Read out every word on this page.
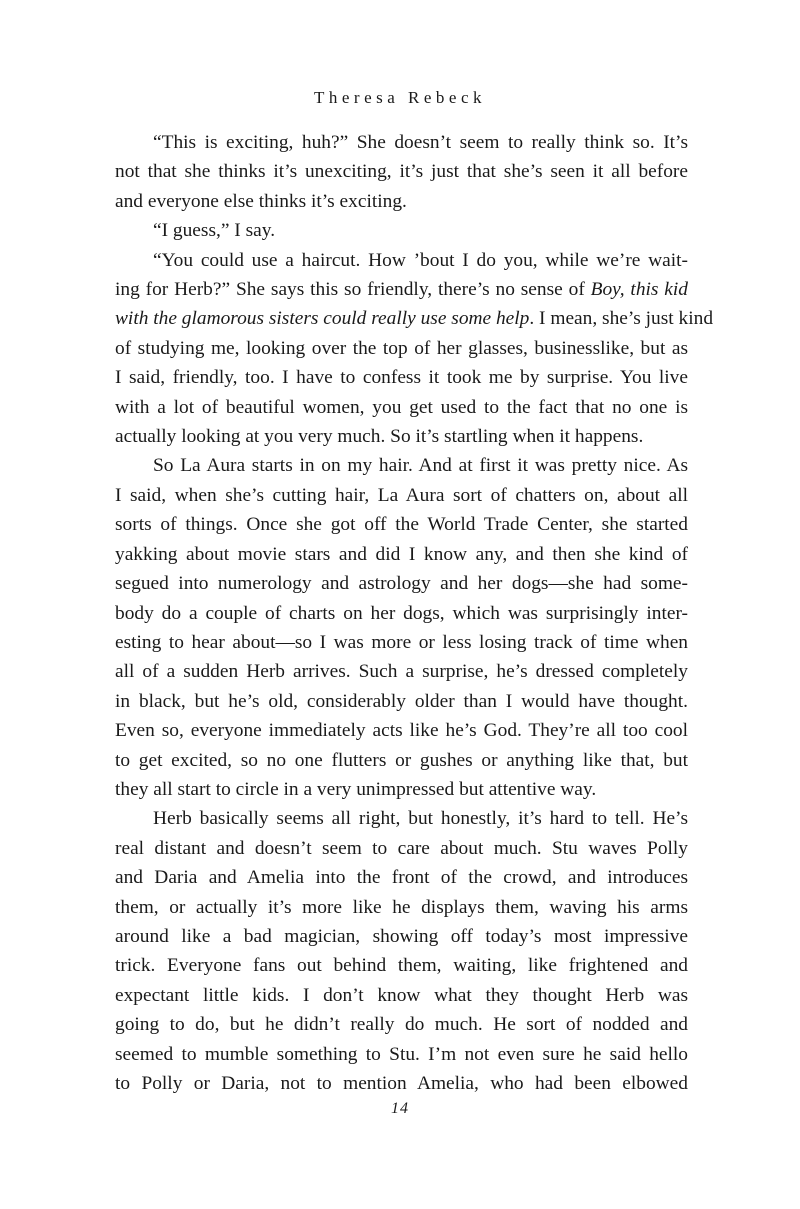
Theresa Rebeck

“This is exciting, huh?” She doesn’t seem to really think so. It’s
not that she thinks it’s unexciting, it’s just that she’s seen it all before
and everyone else thinks it’s exciting.

“I guess,” I say.

“You could use a haircut. How ’bout I do you, while we’re wait-
ing for Herb?” She says this so friendly, there’s no sense of Boy, this kid
with the glamorous sisters could really use some help. I mean, she’s just kind
of studying me, looking over the top of her glasses, businesslike, but as
I said, friendly, too. I have to confess it took me by surprise. You live
with a lot of beautiful women, you get used to the fact that no one is
actually looking at you very much. So it’s startling when it happens.

So La Aura starts in on my hair. And at first it was pretty nice. As
I said, when she’s cutting hair, La Aura sort of chatters on, about all
sorts of things. Once she got off the World Trade Center, she started
yakking about movie stars and did I know any, and then she kind of
segued into numerology and astrology and her dogs—she had some-
body do a couple of charts on her dogs, which was surprisingly inter-
esting to hear about—so I was more or less losing track of time when
all of a sudden Herb arrives. Such a surprise, he’s dressed completely
in black, but he’s old, considerably older than I would have thought.
Even so, everyone immediately acts like he’s God. They’re all too cool
to get excited, so no one flutters or gushes or anything like that, but
they all start to circle in a very unimpressed but attentive way.

Herb basically seems all right, but honestly, it’s hard to tell. He’s
real distant and doesn’t seem to care about much. Stu waves Polly
and Daria and Amelia into the front of the crowd, and introduces
them, or actually it’s more like he displays them, waving his arms
around like a bad magician, showing off today’s most impressive
trick. Everyone fans out behind them, waiting, like frightened and
expectant little kids. I don’t know what they thought Herb was
going to do, but he didn’t really do much. He sort of nodded and
seemed to mumble something to Stu. I’m not even sure he said hello
to Polly or Daria, not to mention Amelia, who had been elbowed

14
